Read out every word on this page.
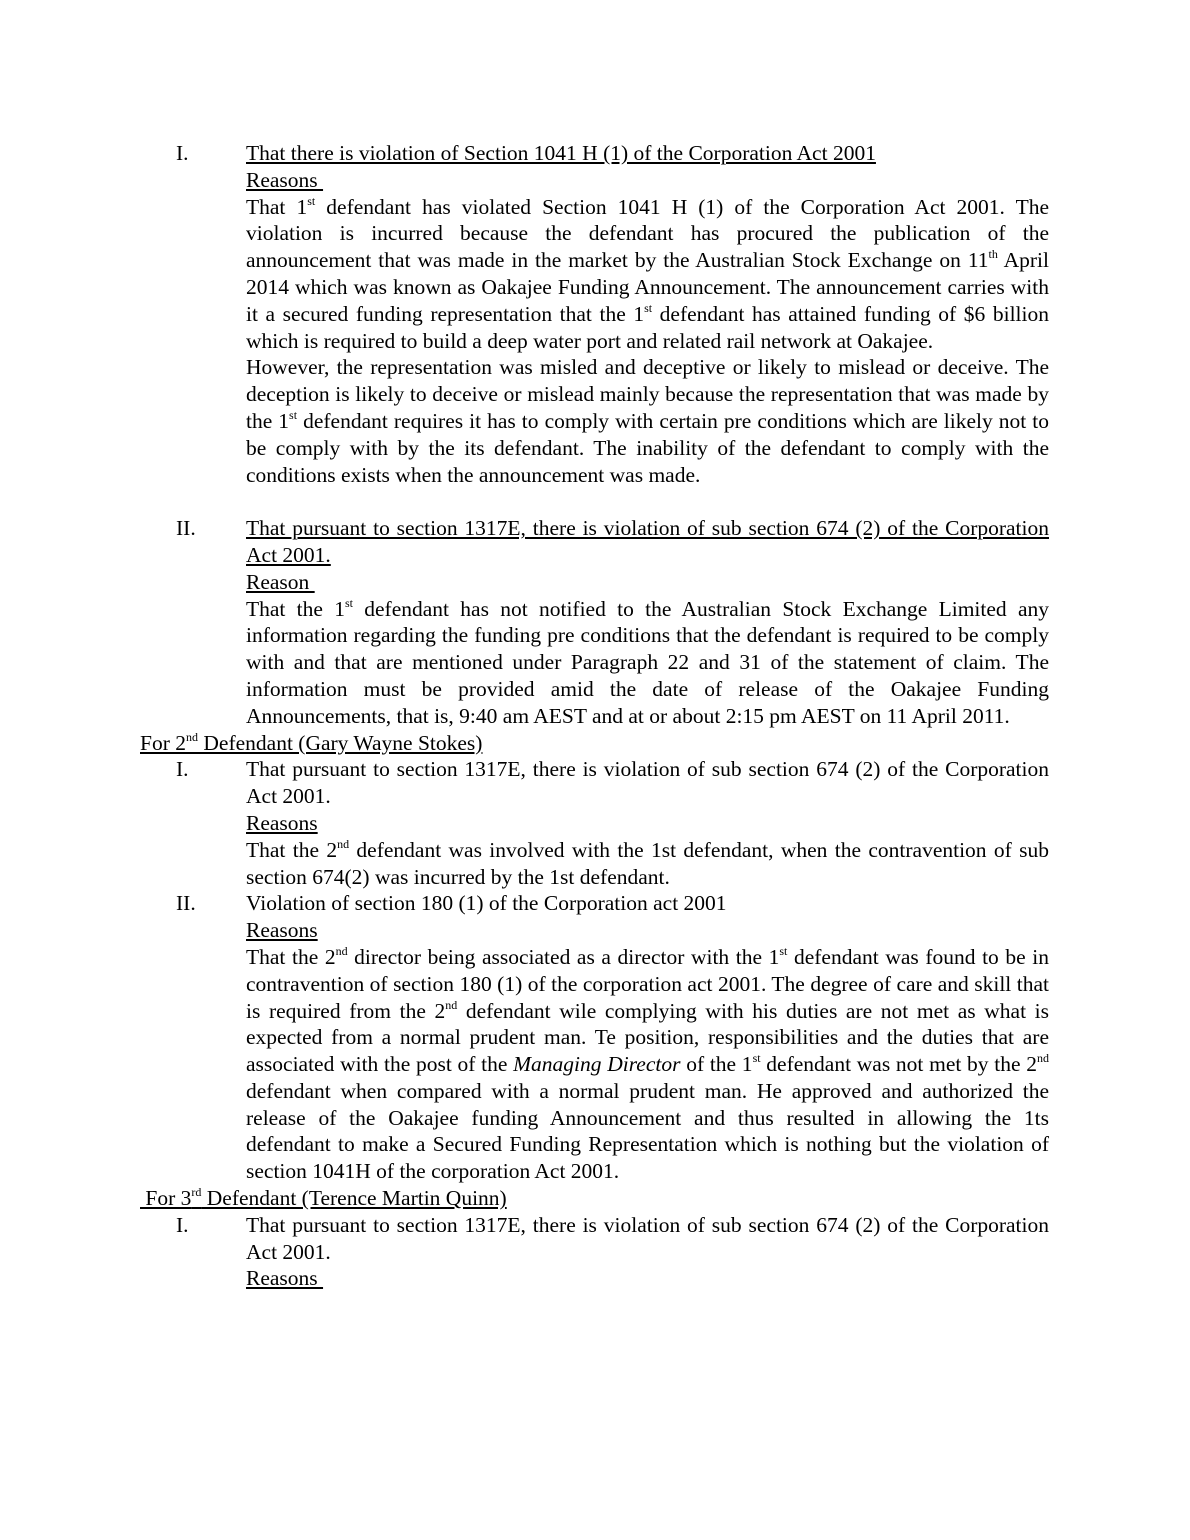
I.	That there is violation of Section 1041 H (1) of the Corporation Act 2001
Reasons
That 1st defendant has violated Section 1041 H (1) of the Corporation Act 2001. The violation is incurred because the defendant has procured the publication of the announcement that was made in the market by the Australian Stock Exchange on 11th April 2014 which was known as Oakajee Funding Announcement. The announcement carries with it a secured funding representation that the 1st defendant has attained funding of $6 billion which is required to build a deep water port and related rail network at Oakajee.
However, the representation was misled and deceptive or likely to mislead or deceive. The deception is likely to deceive or mislead mainly because the representation that was made by the 1st defendant requires it has to comply with certain pre conditions which are likely not to be comply with by the its defendant. The inability of the defendant to comply with the conditions exists when the announcement was made.
II. That pursuant to section 1317E, there is violation of sub section 674 (2) of the Corporation Act 2001.
Reason
That the 1st defendant has not notified to the Australian Stock Exchange Limited any information regarding the funding pre conditions that the defendant is required to be comply with and that are mentioned under Paragraph 22 and 31 of the statement of claim. The information must be provided amid the date of release of the Oakajee Funding Announcements, that is, 9:40 am AEST and at or about 2:15 pm AEST on 11 April 2011.
For 2nd Defendant (Gary Wayne Stokes)
I.	That pursuant to section 1317E, there is violation of sub section 674 (2) of the Corporation Act 2001.
Reasons
That the 2nd defendant was involved with the 1st defendant, when the contravention of sub section 674(2) was incurred by the 1st defendant.
II. Violation of section 180 (1) of the Corporation act 2001
Reasons
That the 2nd director being associated as a director with the 1st defendant was found to be in contravention of section 180 (1) of the corporation act 2001. The degree of care and skill that is required from the 2nd defendant wile complying with his duties are not met as what is expected from a normal prudent man. Te position, responsibilities and the duties that are associated with the post of the Managing Director of the 1st defendant was not met by the 2nd defendant when compared with a normal prudent man. He approved and authorized the release of the Oakajee funding Announcement and thus resulted in allowing the 1ts defendant to make a Secured Funding Representation which is nothing but the violation of section 1041H of the corporation Act 2001.
For 3rd Defendant (Terence Martin Quinn)
I.	That pursuant to section 1317E, there is violation of sub section 674 (2) of the Corporation Act 2001.
Reasons
